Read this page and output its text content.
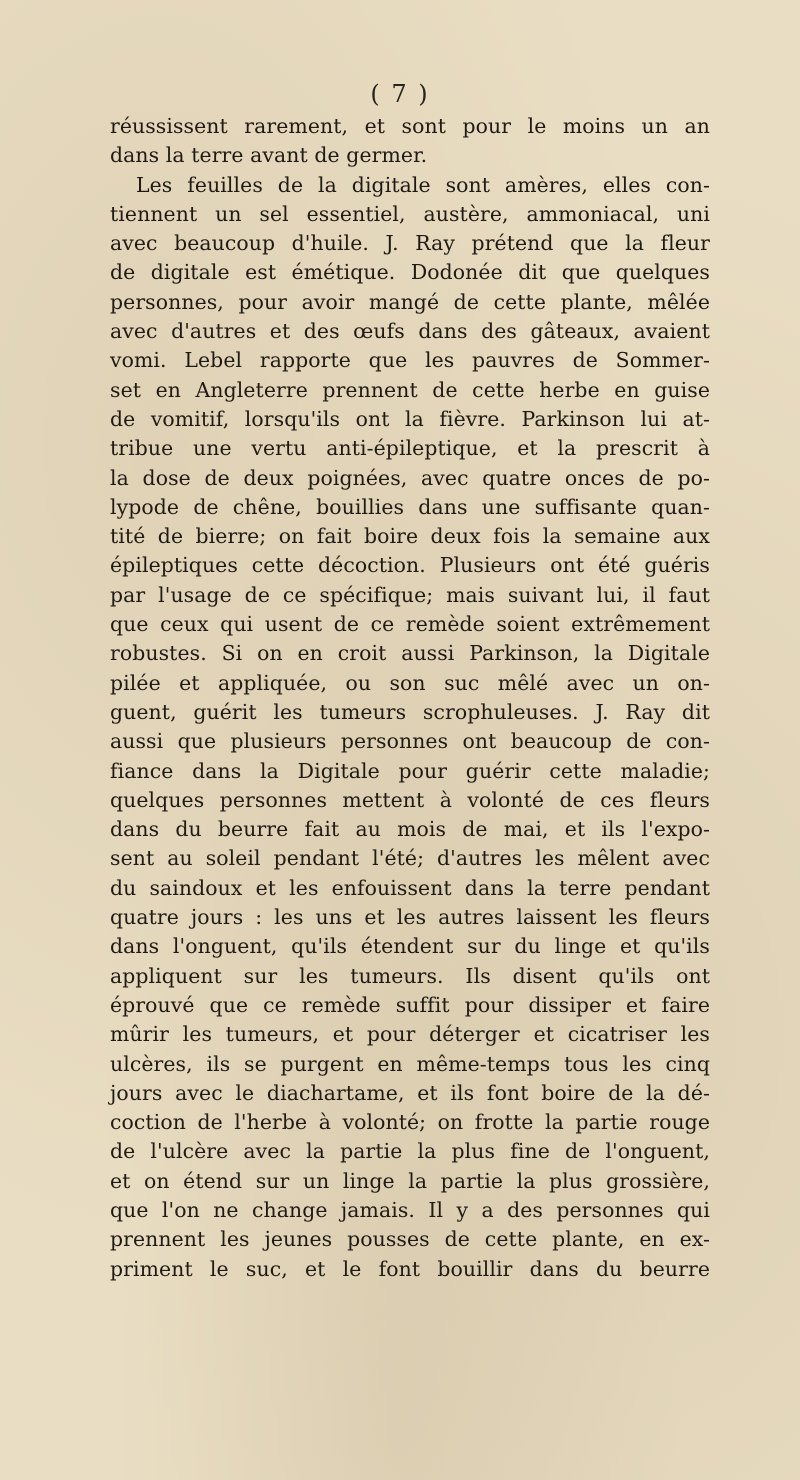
( 7 )
réussissent rarement, et sont pour le moins un an
dans la terre avant de germer.
Les feuilles de la digitale sont amères, elles con-
tiennent un sel essentiel, austère, ammoniacal, uni
avec beaucoup d'huile. J. Ray prétend que la fleur
de digitale est émétique. Dodonée dit que quelques
personnes, pour avoir mangé de cette plante, mêlée
avec d'autres et des œufs dans des gâteaux, avaient
vomi. Lebel rapporte que les pauvres de Sommer-
set en Angleterre prennent de cette herbe en guise
de vomitif, lorsqu'ils ont la fièvre. Parkinson lui at-
tribue une vertu anti-épileptique, et la prescrit à
la dose de deux poignées, avec quatre onces de po-
lypode de chêne, bouillies dans une suffisante quan-
tité de bierre; on fait boire deux fois la semaine aux
épileptiques cette décoction. Plusieurs ont été guéris
par l'usage de ce spécifique; mais suivant lui, il faut
que ceux qui usent de ce remède soient extrêmement
robustes. Si on en croit aussi Parkinson, la Digitale
pilée et appliquée, ou son suc mêlé avec un on-
guent, guérit les tumeurs scrophuleuses. J. Ray dit
aussi que plusieurs personnes ont beaucoup de con-
fiance dans la Digitale pour guérir cette maladie;
quelques personnes mettent à volonté de ces fleurs
dans du beurre fait au mois de mai, et ils l'expo-
sent au soleil pendant l'été; d'autres les mêlent avec
du saindoux et les enfouissent dans la terre pendant
quatre jours : les uns et les autres laissent les fleurs
dans l'onguent, qu'ils étendent sur du linge et qu'ils
appliquent sur les tumeurs. Ils disent qu'ils ont
éprouvé que ce remède suffit pour dissiper et faire
mûrir les tumeurs, et pour déterger et cicatriser les
ulcères, ils se purgent en même-temps tous les cinq
jours avec le diachartame, et ils font boire de la dé-
coction de l'herbe à volonté; on frotte la partie rouge
de l'ulcère avec la partie la plus fine de l'onguent,
et on étend sur un linge la partie la plus grossière,
que l'on ne change jamais. Il y a des personnes qui
prennent les jeunes pousses de cette plante, en ex-
priment le suc, et le font bouillir dans du beurre
